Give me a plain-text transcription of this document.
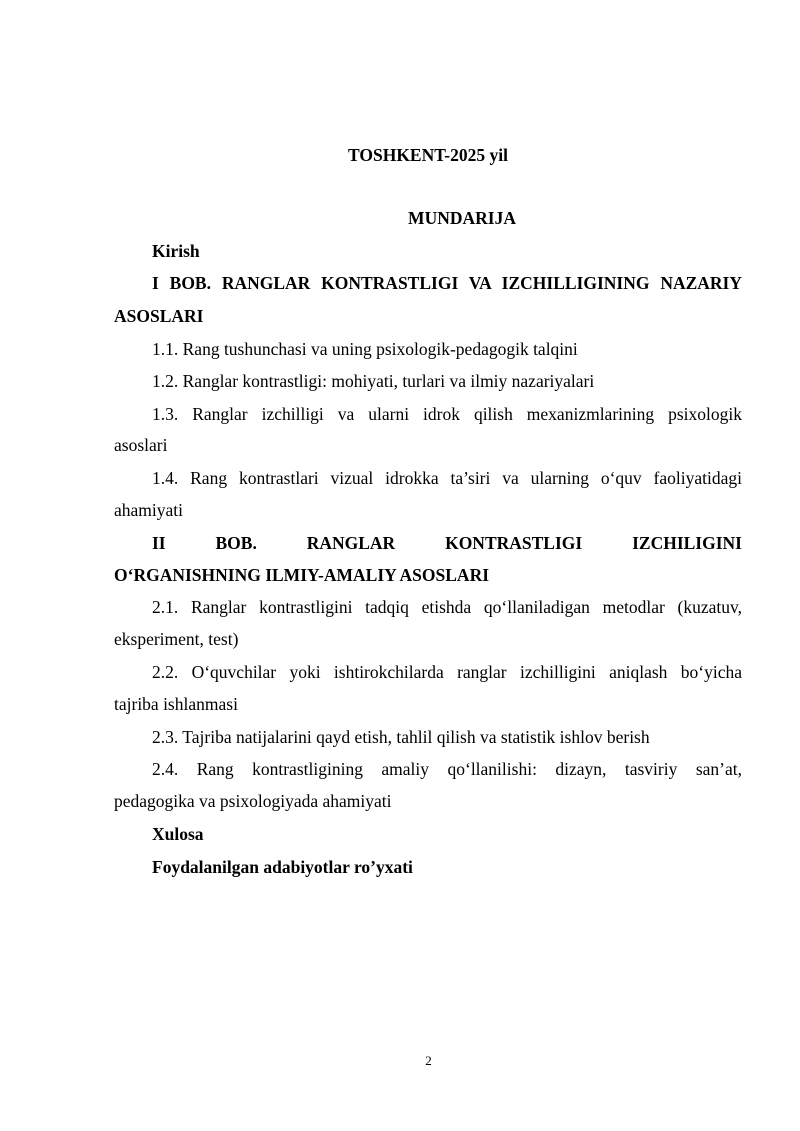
TOSHKENT-2025 yil

MUNDARIJA

Kirish

I BOB. RANGLAR KONTRASTLIGI VA IZCHILLIGINING NAZARIY

ASOSLARI

1.1. Rang tushunchasi va uning psixologik-pedagogik talqini

1.2. Ranglar kontrastligi: mohiyati, turlari va ilmiy nazariyalari

1.3. Ranglar izchilligi va ularni idrok qilish mexanizmlarining psixologik

asoslari

1.4. Rang kontrastlari vizual idrokka ta’siri va ularning o‘quv faoliyatidagi

ahamiyati

II BOB. RANGLAR KONTRASTLIGI IZCHILIGINI

O‘RGANISHNING ILMIY-AMALIY ASOSLARI

2.1. Ranglar kontrastligini tadqiq etishda qo‘llaniladigan metodlar (kuzatuv,

eksperiment, test)

2.2. O‘quvchilar yoki ishtirokchilarda ranglar izchilligini aniqlash bo‘yicha

tajriba ishlanmasi

2.3. Tajriba natijalarini qayd etish, tahlil qilish va statistik ishlov berish

2.4. Rang kontrastligining amaliy qo‘llanilishi: dizayn, tasviriy san’at,

pedagogika va psixologiyada ahamiyati

Xulosa

Foydalanilgan adabiyotlar ro’yxati

2
